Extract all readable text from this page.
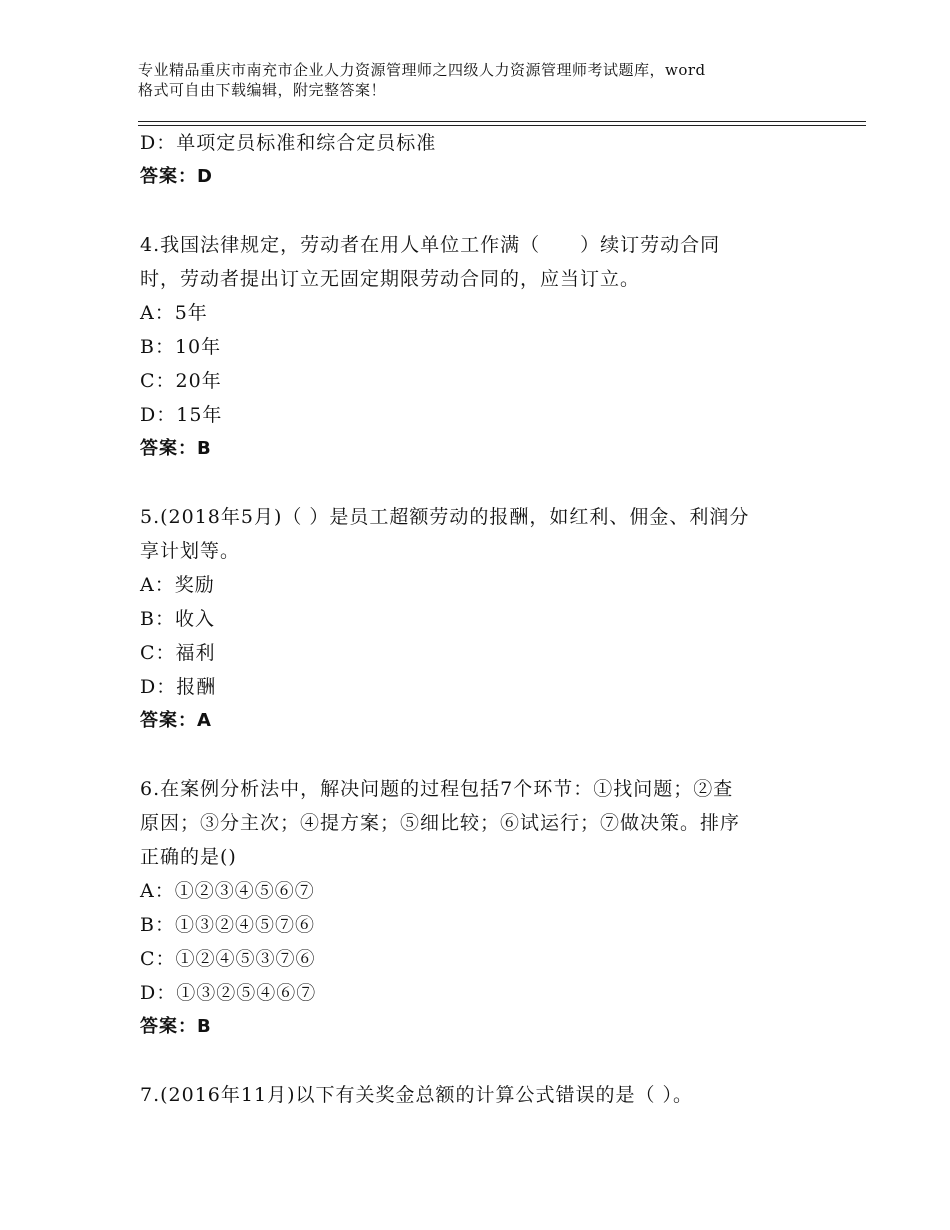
专业精品重庆市南充市企业人力资源管理师之四级人力资源管理师考试题库，word
格式可自由下载编辑，附完整答案！
D：单项定员标准和综合定员标准
答案：D
4.我国法律规定，劳动者在用人单位工作满（　　）续订劳动合同
时，劳动者提出订立无固定期限劳动合同的，应当订立。
A：5年
B：10年
C：20年
D：15年
答案：B
5.(2018年5月)（ ）是员工超额劳动的报酬，如红利、佣金、利润分
享计划等。
A：奖励
B：收入
C：福利
D：报酬
答案：A
6.在案例分析法中，解决问题的过程包括7个环节：①找问题；②查
原因；③分主次；④提方案；⑤细比较；⑥试运行；⑦做决策。排序
正确的是()
A：①②③④⑤⑥⑦
B：①③②④⑤⑦⑥
C：①②④⑤③⑦⑥
D：①③②⑤④⑥⑦
答案：B
7.(2016年11月)以下有关奖金总额的计算公式错误的是（ ）。
